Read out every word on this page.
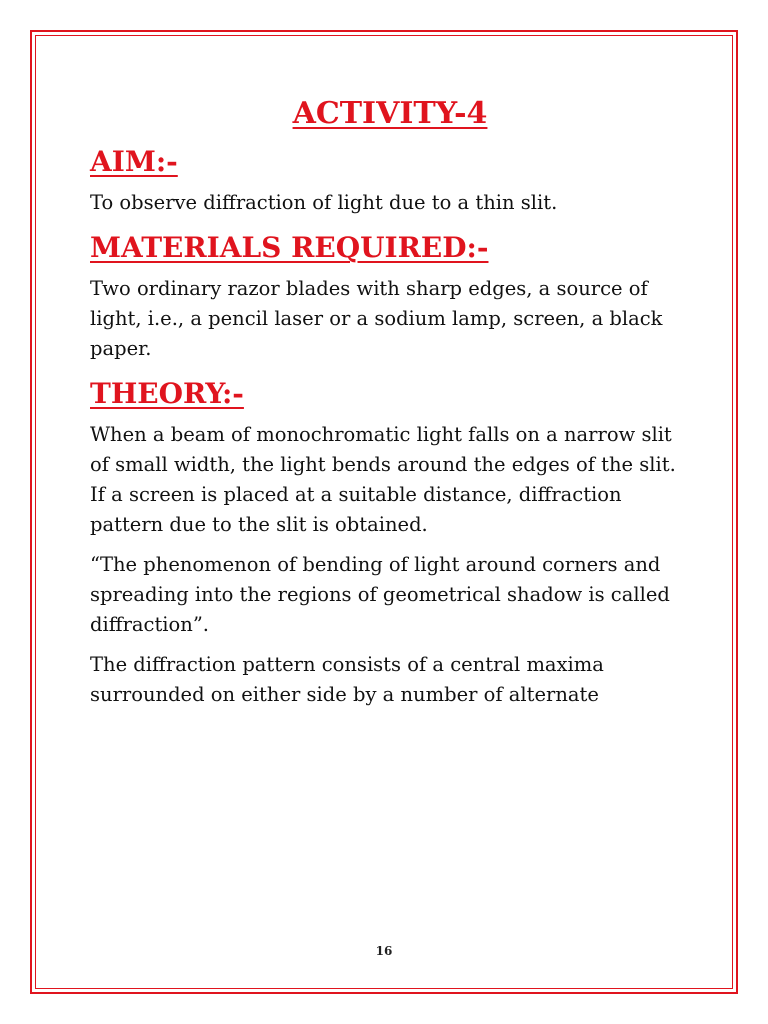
ACTIVITY-4
AIM:-

To observe diffraction of light due to a thin slit.

MATERIALS REQUIRED:-

Two ordinary razor blades with sharp edges, a source of light, i.e., a pencil laser or a sodium lamp, screen, a black paper.

THEORY:-

When a beam of monochromatic light falls on a narrow slit of small width, the light bends around the edges of the slit. If a screen is placed at a suitable distance, diffraction pattern due to the slit is obtained.

“The phenomenon of bending of light around corners and spreading into the regions of geometrical shadow is called diffraction”.

The diffraction pattern consists of a central maxima surrounded on either side by a number of alternate

16
